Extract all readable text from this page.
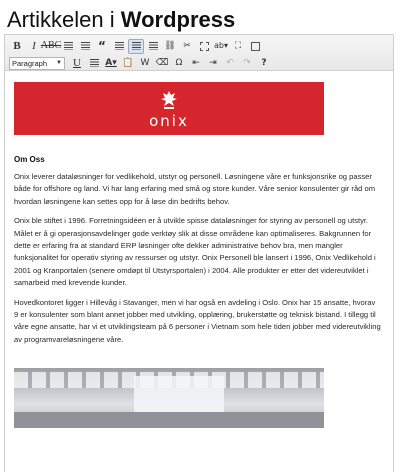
Artikkelen i Wordpress
B	I ABC	“	⛓ ✂	ab▾ ⛶
Paragraph ▼	U	A▾ 📋 W ⌫ Ω	⇤	⇥	↶	↷	?
onix
Om Oss

Onix leverer dataløsninger for vedlikehold, utstyr og personell. Løsningene våre er funksjonsrike og passer både for offshore og land. Vi har lang erfaring med små og store kunder. Våre senior konsulenter gir råd om hvordan løsningene kan settes opp for å løse din bedrifts behov.

Onix ble stiftet i 1996. Forretningsidéen er å utvikle spisse dataløsninger for styring av personell og utstyr. Målet er å gi operasjonsavdelinger gode verktøy slik at disse områdene kan optimaliseres. Bakgrunnen for dette er erfaring fra at standard ERP løsninger ofte dekker administrative behov bra, men mangler funksjonalitet for operativ styring av ressurser og utstyr. Onix Personell ble lansert i 1996, Onix Vedlikehold i 2001 og Kranportalen (senere omdøpt til Utstyrsportalen) i 2004. Alle produkter er etter det videreutviklet i samarbeid med krevende kunder.

Hovedkontoret ligger i Hillevåg i Stavanger, men vi har også en avdeling i Oslo. Onix har 15 ansatte, hvorav 9 er konsulenter som blant annet jobber med utvikling, opplæring, brukerstøtte og teknisk bistand. I tillegg til våre egne ansatte, har vi et utviklingsteam på 6 personer i Vietnam som hele tiden jobber med videreutvikling av programvareløsningene våre.
